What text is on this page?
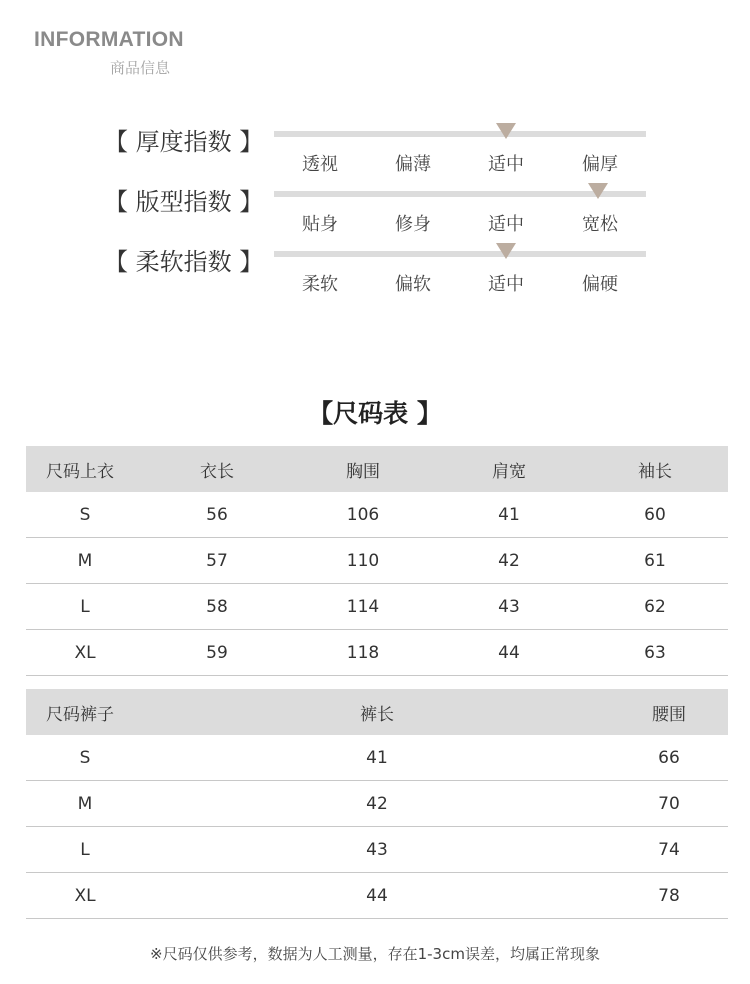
INFORMATION
商品信息
【 厚度指数 】
透视	偏薄	适中	偏厚
【 版型指数 】
贴身	修身	适中	宽松
【 柔软指数 】
柔软	偏软	适中	偏硬
【尺码表 】
尺码上衣	衣长	胸围	肩宽	袖长
S	56	106	41	60
M	57	110	42	61
L	58	114	43	62
XL	59	118	44	63
尺码裤子	裤长	腰围
S	41	66
M	42	70
L	43	74
XL	44	78
※尺码仅供参考，数据为人工测量，存在1-3cm误差，均属正常现象
